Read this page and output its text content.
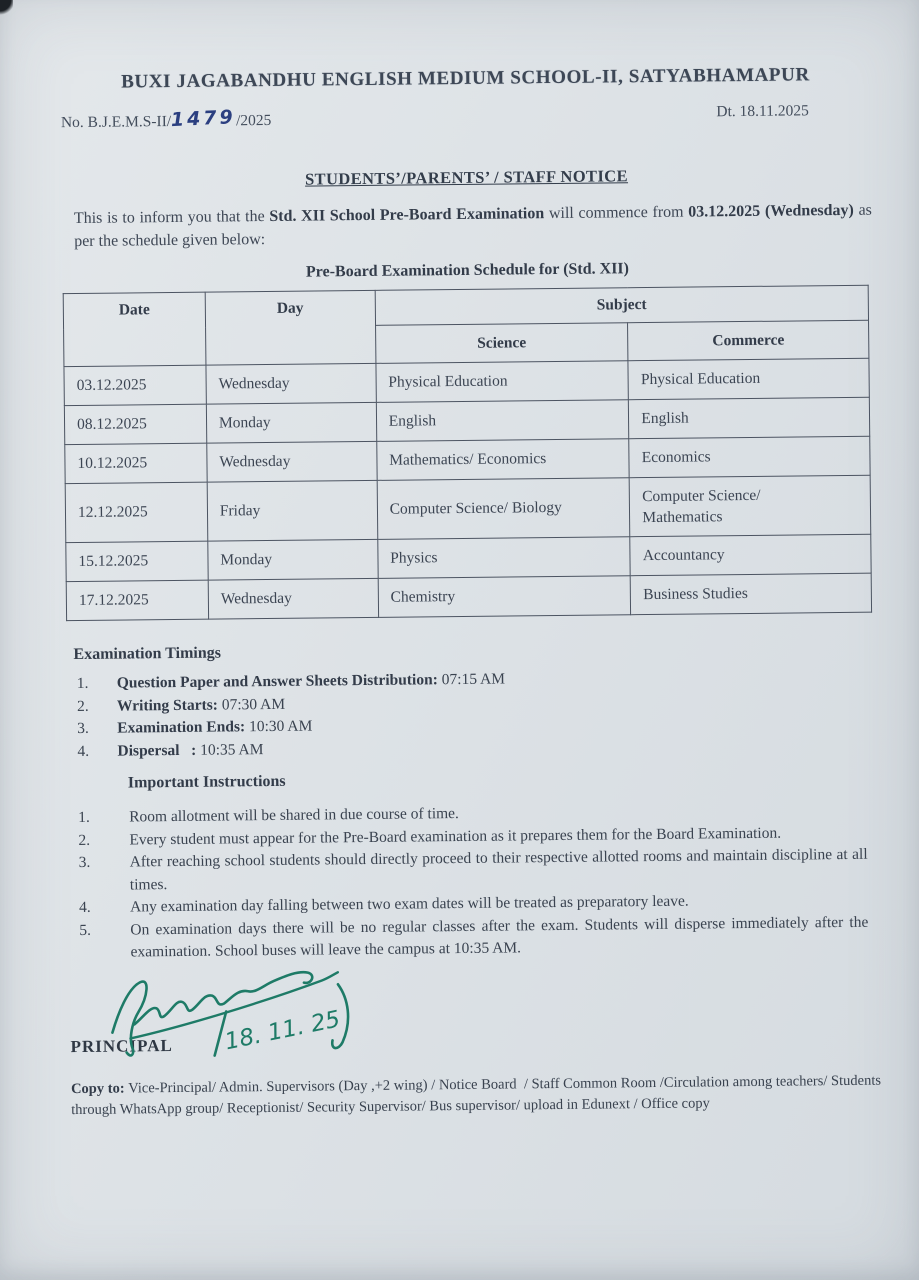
BUXI JAGABANDHU ENGLISH MEDIUM SCHOOL-II, SATYABHAMAPUR
No. B.J.E.M.S-II/1479/2025
Dt. 18.11.2025
STUDENTS’/PARENTS’ / STAFF NOTICE

This is to inform you that the Std. XII School Pre-Board Examination will commence from 03.12.2025 (Wednesday) as per the schedule given below:

Pre-Board Examination Schedule for (Std. XII)
Date	Day	Subject	
		Science	Commerce
03.12.2025	Wednesday	Physical Education	Physical Education
08.12.2025	Monday	English	English
10.12.2025	Wednesday	Mathematics/ Economics	Economics
12.12.2025	Friday	Computer Science/ Biology	Computer Science/
Mathematics
15.12.2025	Monday	Physics	Accountancy
17.12.2025	Wednesday	Chemistry	Business Studies
Examination Timings
1.	Question Paper and Answer Sheets Distribution: 07:15 AM
2.	Writing Starts: 07:30 AM
3.	Examination Ends: 10:30 AM
4.	Dispersal   : 10:35 AM
Important Instructions
1.	Room allotment will be shared in due course of time.
2.	Every student must appear for the Pre-Board examination as it prepares them for the Board Examination.
3.	After reaching school students should directly proceed to their respective allotted rooms and maintain discipline at all times.
4.	Any examination day falling between two exam dates will be treated as preparatory leave.
5.	On examination days there will be no regular classes after the exam. Students will disperse immediately after the examination. School buses will leave the campus at 10:35 AM.
18. 11. 25
PRINCIPAL

Copy to: Vice-Principal/ Admin. Supervisors (Day ,+2 wing) / Notice Board  / Staff Common Room /Circulation among teachers/ Students through WhatsApp group/ Receptionist/ Security Supervisor/ Bus supervisor/ upload in Edunext / Office copy
